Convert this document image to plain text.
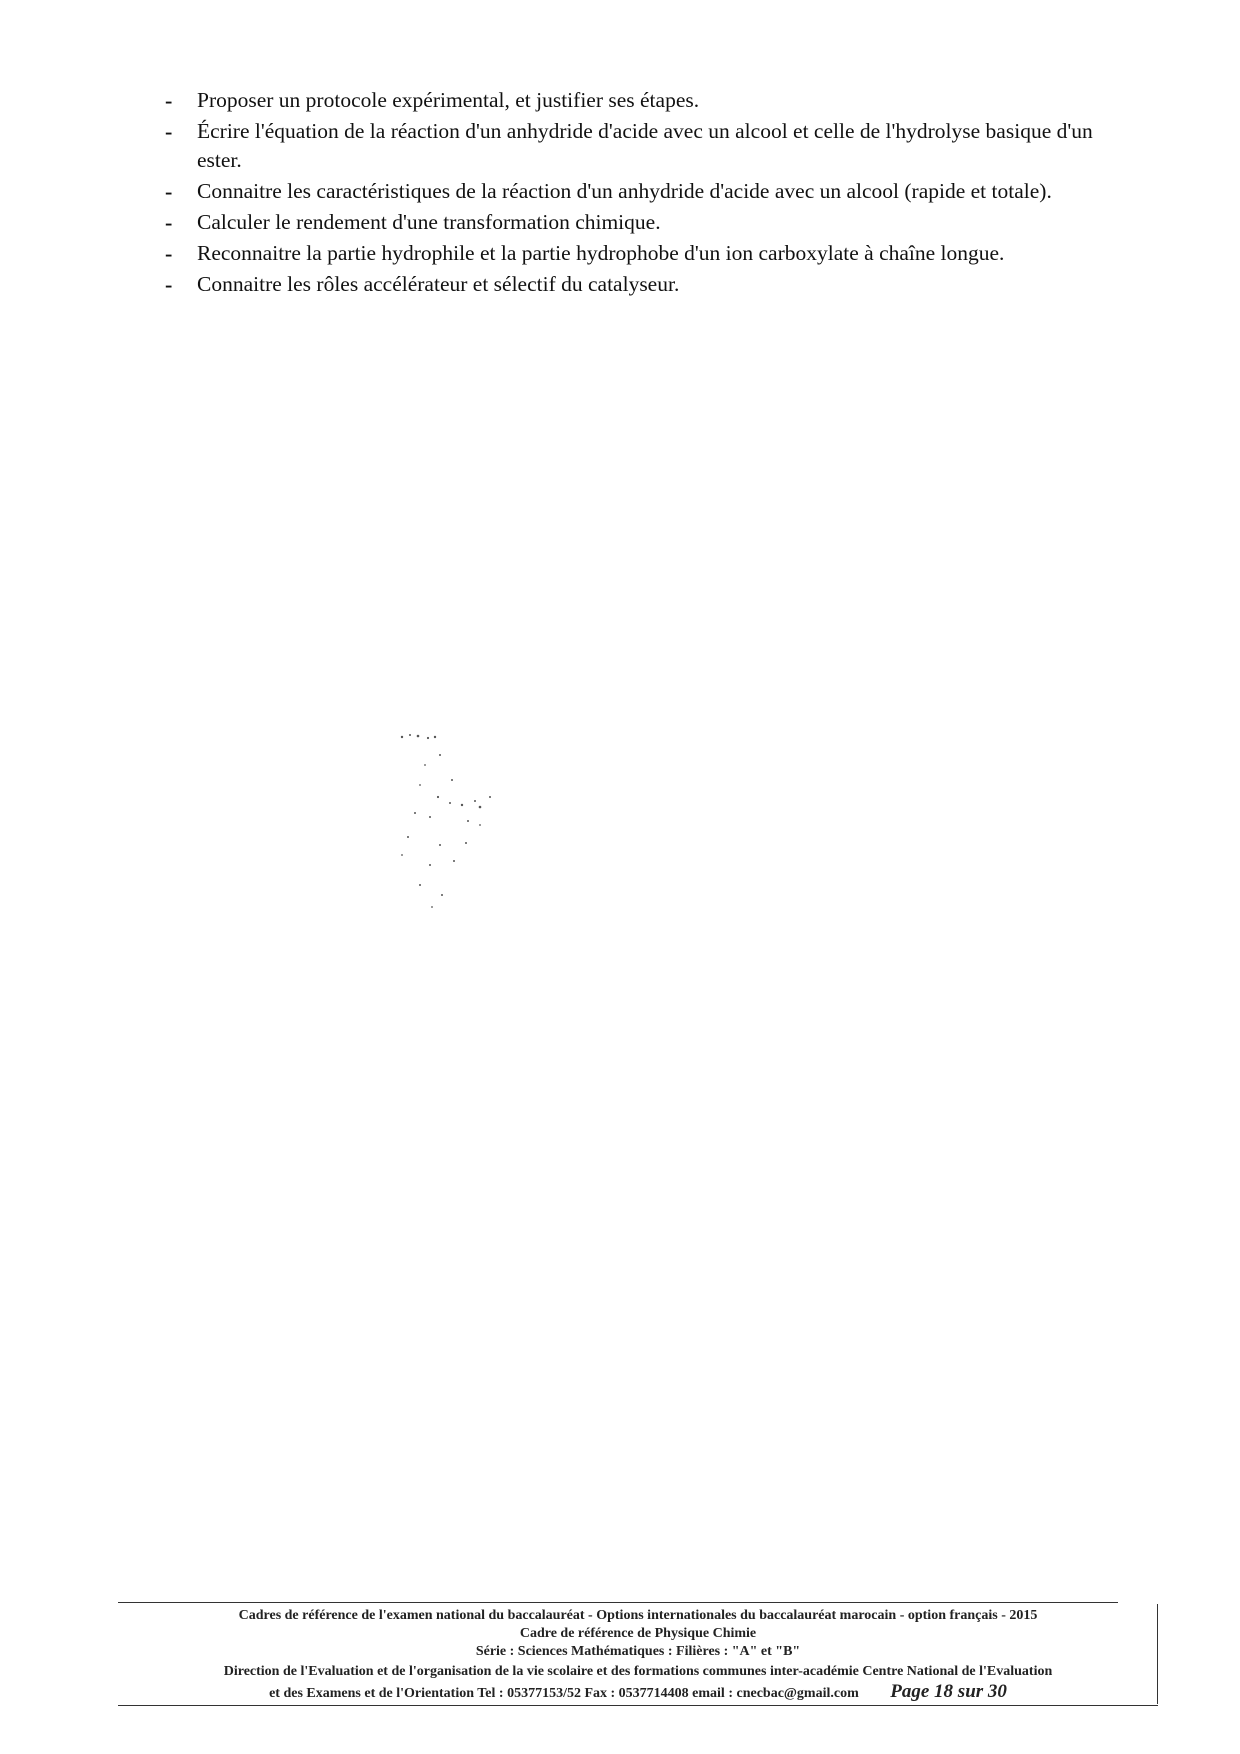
- Proposer un protocole expérimental, et justifier ses étapes.
- Écrire l'équation de la réaction d'un anhydride d'acide avec un alcool et celle de l'hydrolyse basique d'un ester.
- Connaitre les caractéristiques de la réaction d'un anhydride d'acide avec un alcool (rapide et totale).
- Calculer le rendement d'une transformation chimique.
- Reconnaitre la partie hydrophile et la partie hydrophobe d'un ion carboxylate à chaîne longue.
- Connaitre les rôles accélérateur et sélectif du catalyseur.
Cadres de référence de l'examen national du baccalauréat - Options internationales du baccalauréat marocain - option français - 2015
Cadre de référence de Physique Chimie
Série : Sciences Mathématiques : Filières : "A" et "B"
Direction de l'Evaluation et de l'organisation de la vie scolaire et des formations communes inter-académie Centre National de l'Evaluation
et des Examens et de l'Orientation Tel : 05377153/52 Fax : 0537714408 email : cnecbac@gmail.com Page 18 sur 30
